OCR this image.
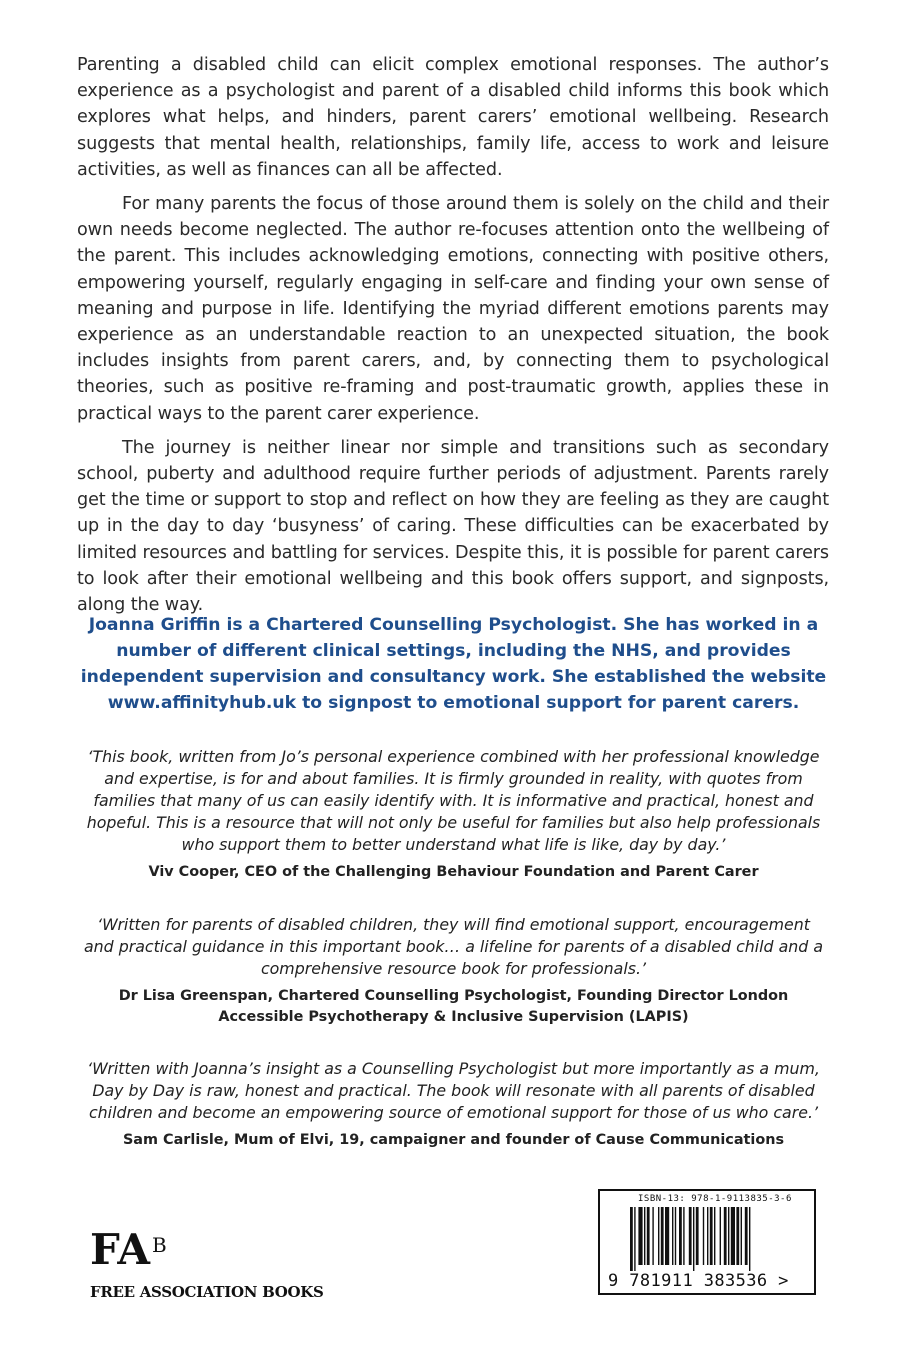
Parenting a disabled child can elicit complex emotional responses. The author’s experience as a psychologist and parent of a disabled child informs this book which explores what helps, and hinders, parent carers’ emotional wellbeing. Research suggests that mental health, relationships, family life, access to work and leisure activities, as well as finances can all be affected.

For many parents the focus of those around them is solely on the child and their own needs become neglected. The author re-focuses attention onto the wellbeing of the parent. This includes acknowledging emotions, connecting with positive others, empowering yourself, regularly engaging in self-care and finding your own sense of meaning and purpose in life. Identifying the myriad different emotions parents may experience as an understandable reaction to an unexpected situation, the book includes insights from parent carers, and, by connecting them to psychological theories, such as positive re-framing and post-traumatic growth, applies these in practical ways to the parent carer experience.

The journey is neither linear nor simple and transitions such as secondary school, puberty and adulthood require further periods of adjustment. Parents rarely get the time or support to stop and reflect on how they are feeling as they are caught up in the day to day ‘busyness’ of caring. These difficulties can be exacerbated by limited resources and battling for services. Despite this, it is possible for parent carers to look after their emotional wellbeing and this book offers support, and signposts, along the way.

Joanna Griffin is a Chartered Counselling Psychologist. She has worked in a number of different clinical settings, including the NHS, and provides independent supervision and consultancy work. She established the website www.affinityhub.uk to signpost to emotional support for parent carers.

‘This book, written from Jo’s personal experience combined with her professional knowledge and expertise, is for and about families. It is firmly grounded in reality, with quotes from families that many of us can easily identify with. It is informative and practical, honest and hopeful. This is a resource that will not only be useful for families but also help professionals who support them to better understand what life is like, day by day.’

Viv Cooper, CEO of the Challenging Behaviour Foundation and Parent Carer

‘Written for parents of disabled children, they will find emotional support, encouragement and practical guidance in this important book… a lifeline for parents of a disabled child and a comprehensive resource book for professionals.’

Dr Lisa Greenspan, Chartered Counselling Psychologist, Founding Director London Accessible Psychotherapy & Inclusive Supervision (LAPIS)

‘Written with Joanna’s insight as a Counselling Psychologist but more importantly as a mum, Day by Day is raw, honest and practical. The book will resonate with all parents of disabled children and become an empowering source of emotional support for those of us who care.’

Sam Carlisle, Mum of Elvi, 19, campaigner and founder of Cause Communications
FA $^B$
FREE ASSOCIATION BOOKS
ISBN-13: 978-1-9113835-3-6
9 781911 383536 >
